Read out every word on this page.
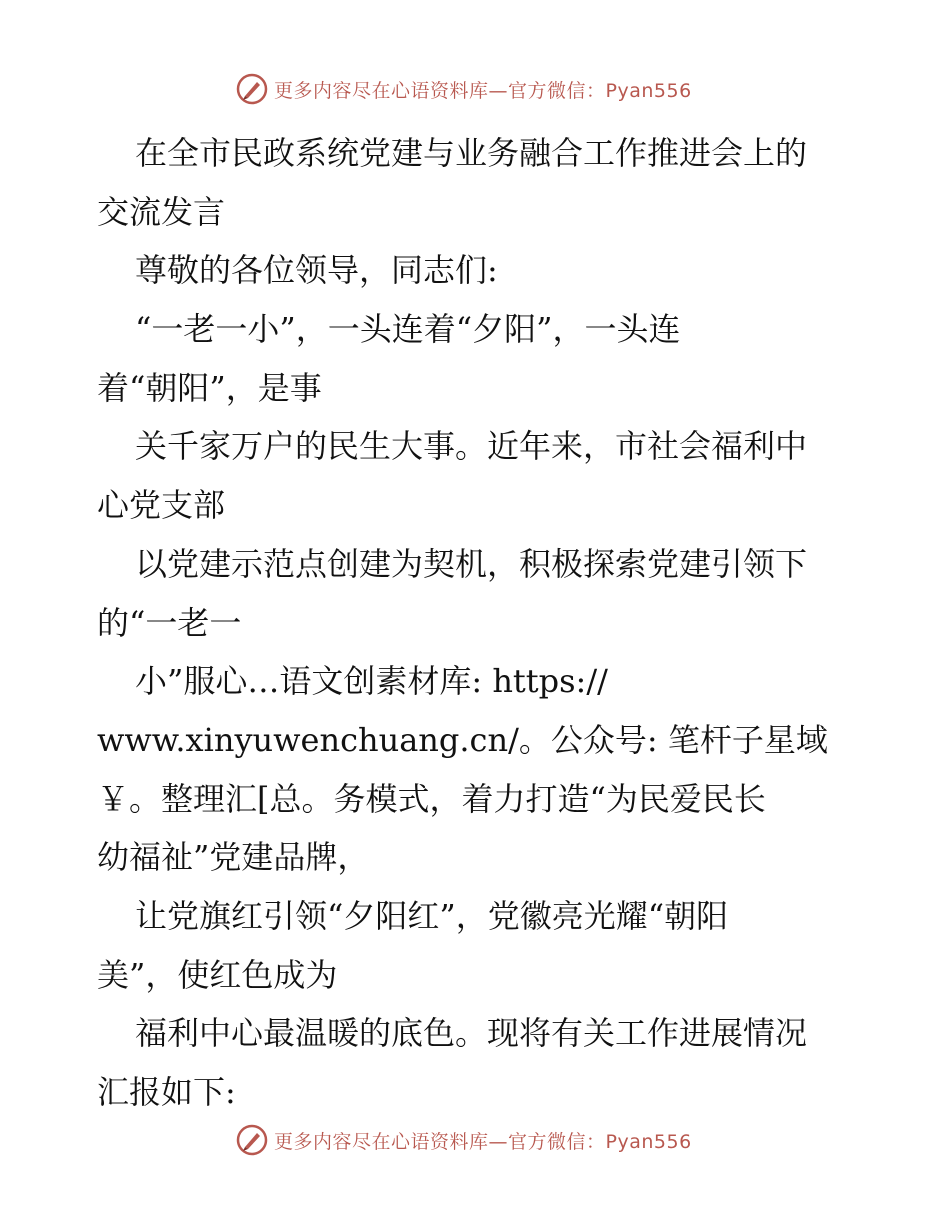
更多内容尽在心语资料库—官方微信：Pyan556
在全市民政系统党建与业务融合工作推进会上的
交流发言
尊敬的各位领导，同志们:
“一老一小”，一头连着“夕阳”，一头连
着“朝阳”，是事
关千家万户的民生大事。近年来，市社会福利中
心党支部
以党建示范点创建为契机，积极探索党建引领下
的“一老一
小”服心…语文创素材库: https://
www.xinyuwenchuang.cn/。公众号: 笔杆子星域
￥。整理汇[总。务模式，着力打造“为民爱民长
幼福祉”党建品牌，
让党旗红引领“夕阳红”，党徽亮光耀“朝阳
美”，使红色成为
福利中心最温暖的底色。现将有关工作进展情况
汇报如下:
更多内容尽在心语资料库—官方微信：Pyan556
